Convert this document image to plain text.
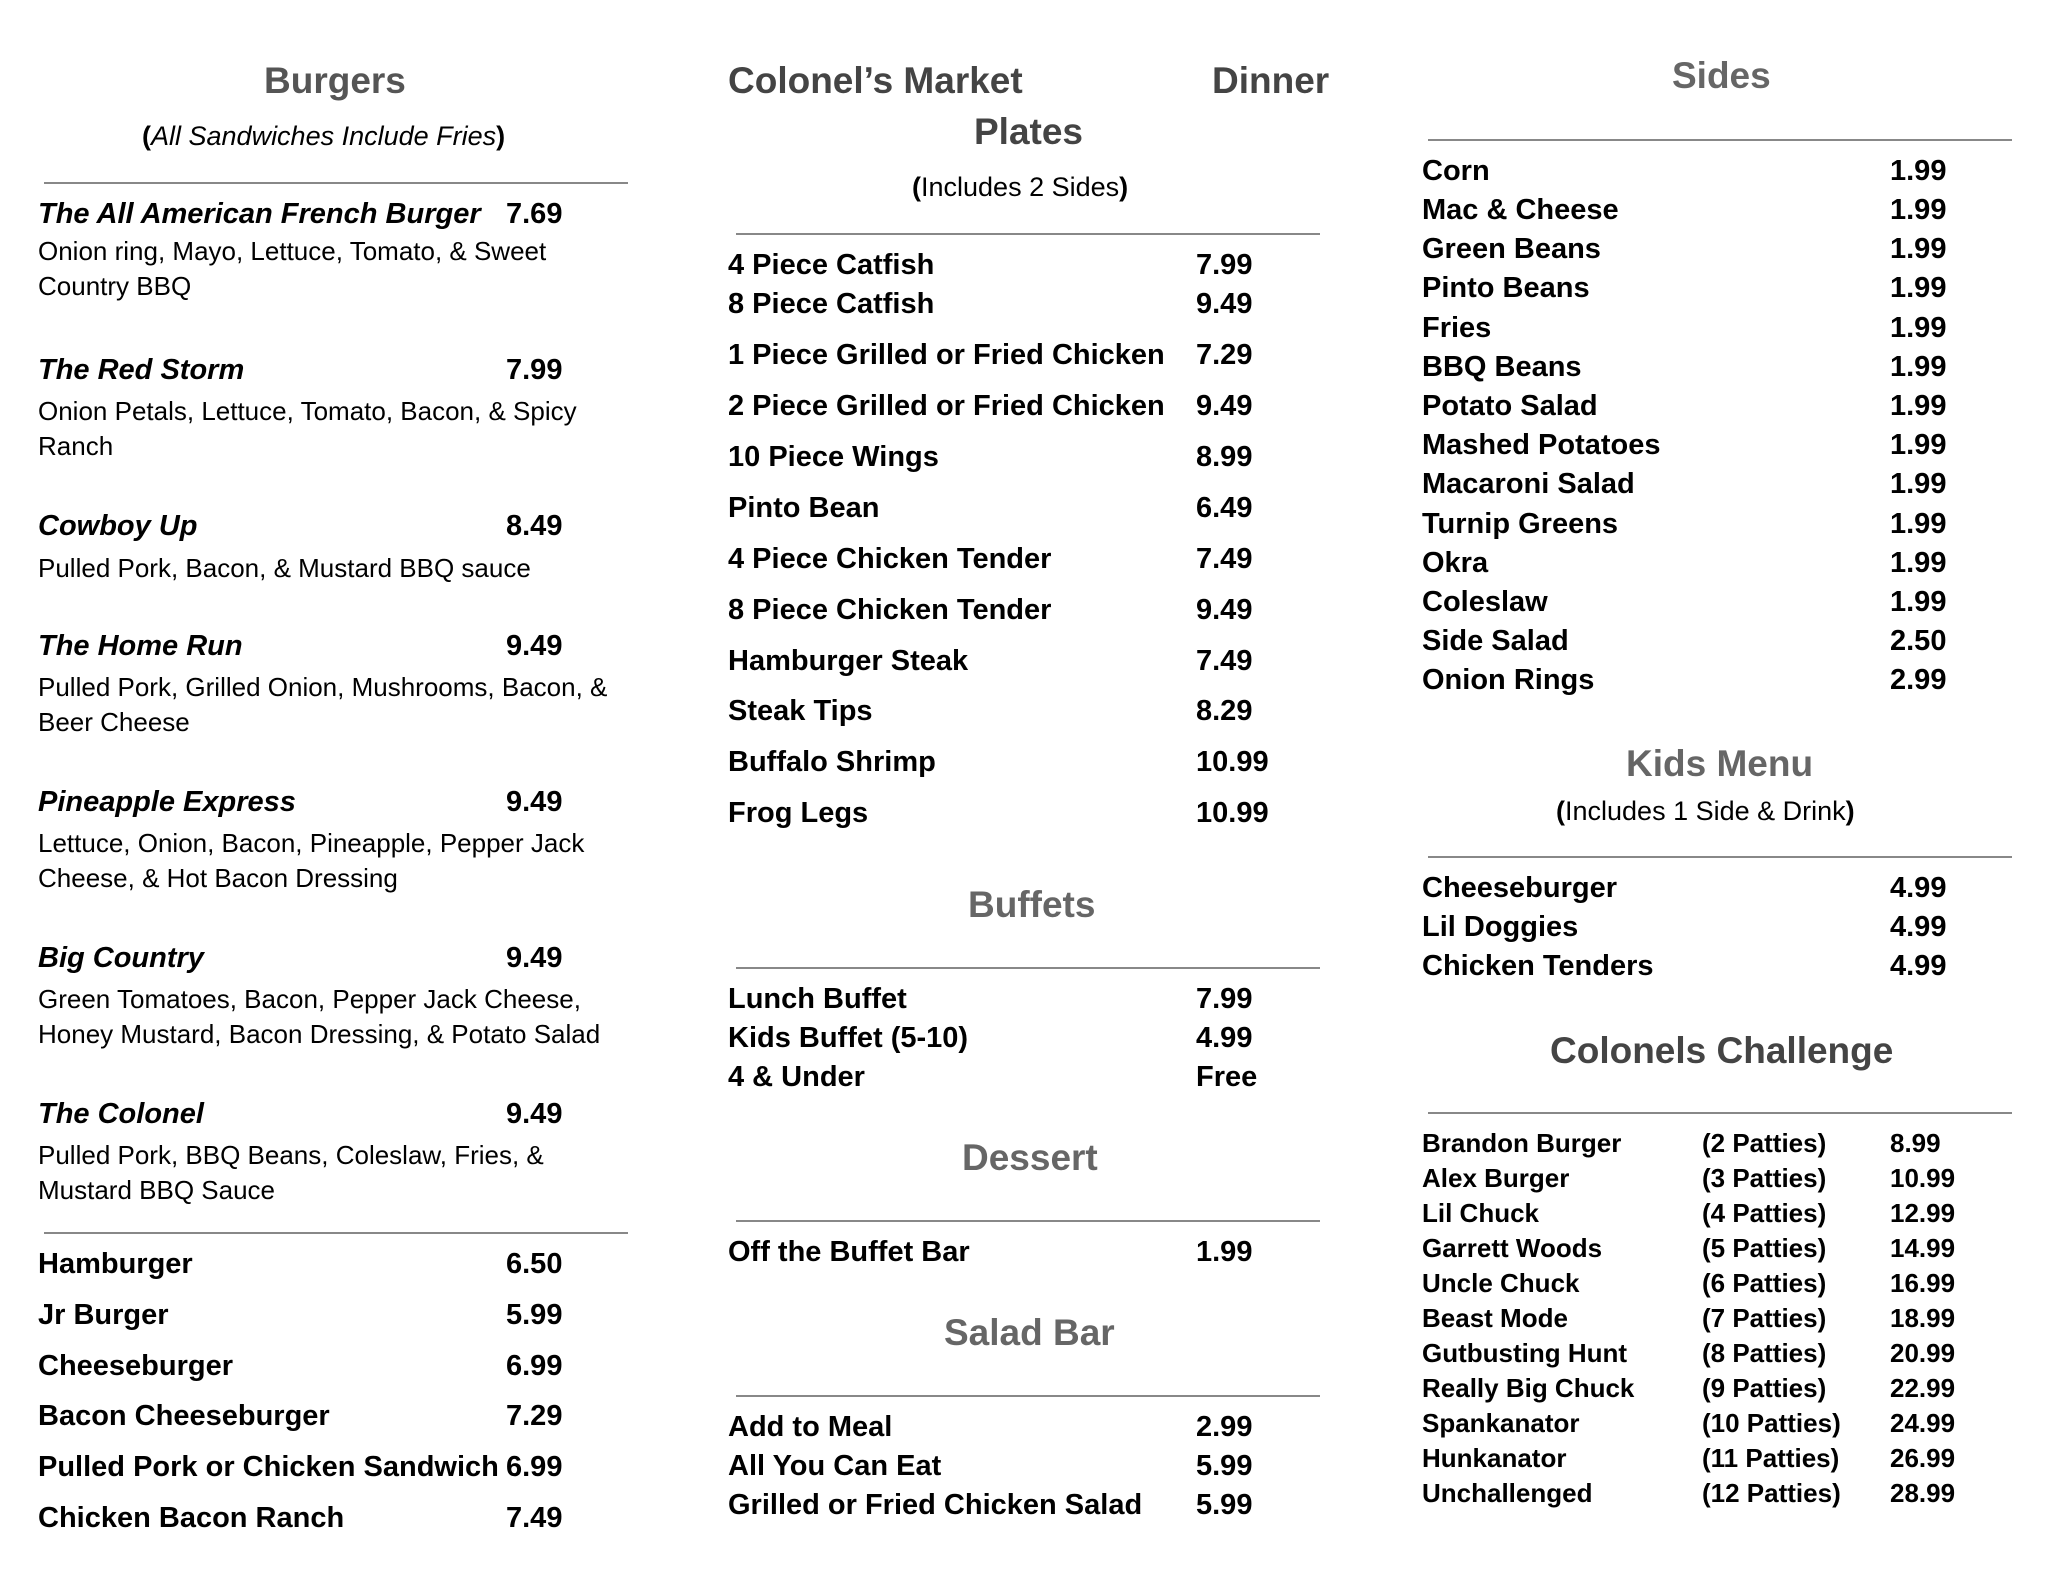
Burgers
(All Sandwiches Include Fries)
The All American French Burger 7.69
Onion ring, Mayo, Lettuce, Tomato, & Sweet Country BBQ
The Red Storm	7.99
Onion Petals, Lettuce, Tomato, Bacon, & Spicy Ranch
Cowboy Up	8.49
Pulled Pork, Bacon, & Mustard BBQ sauce
The Home Run	9.49
Pulled Pork, Grilled Onion, Mushrooms, Bacon, & Beer Cheese
Pineapple Express	9.49
Lettuce, Onion, Bacon, Pineapple, Pepper Jack Cheese, & Hot Bacon Dressing
Big Country	9.49
Green Tomatoes, Bacon, Pepper Jack Cheese, Honey Mustard, Bacon Dressing, & Potato Salad
The Colonel	9.49
Pulled Pork, BBQ Beans, Coleslaw, Fries, & Mustard BBQ Sauce
Hamburger	6.50
Jr Burger	5.99
Cheeseburger	6.99
Bacon Cheeseburger	7.29
Pulled Pork or Chicken Sandwich 6.99
Chicken Bacon Ranch	7.49
Colonel’s Market	Dinner
Plates
(Includes 2 Sides)
4 Piece Catfish	7.99
8 Piece Catfish	9.49
1 Piece Grilled or Fried Chicken 7.29
2 Piece Grilled or Fried Chicken 9.49
10 Piece Wings	8.99
Pinto Bean	6.49
4 Piece Chicken Tender	7.49
8 Piece Chicken Tender	9.49
Hamburger Steak	7.49
Steak Tips	8.29
Buffalo Shrimp	10.99
Frog Legs	10.99
Buffets
Lunch Buffet	7.99
Kids Buffet (5-10)	4.99
4 & Under	Free
Dessert
Off the Buffet Bar	1.99
Salad Bar
Add to Meal	2.99
All You Can Eat	5.99
Grilled or Fried Chicken Salad 5.99
Sides
Corn	1.99
Mac & Cheese	1.99
Green Beans	1.99
Pinto Beans	1.99
Fries	1.99
BBQ Beans	1.99
Potato Salad	1.99
Mashed Potatoes	1.99
Macaroni Salad	1.99
Turnip Greens	1.99
Okra	1.99
Coleslaw	1.99
Side Salad	2.50
Onion Rings	2.99
Kids Menu
(Includes 1 Side & Drink)
Cheeseburger	4.99
Lil Doggies	4.99
Chicken Tenders	4.99
Colonels Challenge
Brandon Burger	(2 Patties) 8.99
Alex Burger	(3 Patties) 10.99
Lil Chuck	(4 Patties) 12.99
Garrett Woods	(5 Patties) 14.99
Uncle Chuck	(6 Patties) 16.99
Beast Mode	(7 Patties) 18.99
Gutbusting Hunt	(8 Patties) 20.99
Really Big Chuck	(9 Patties) 22.99
Spankanator	(10 Patties) 24.99
Hunkanator	(11 Patties) 26.99
Unchallenged	(12 Patties) 28.99
